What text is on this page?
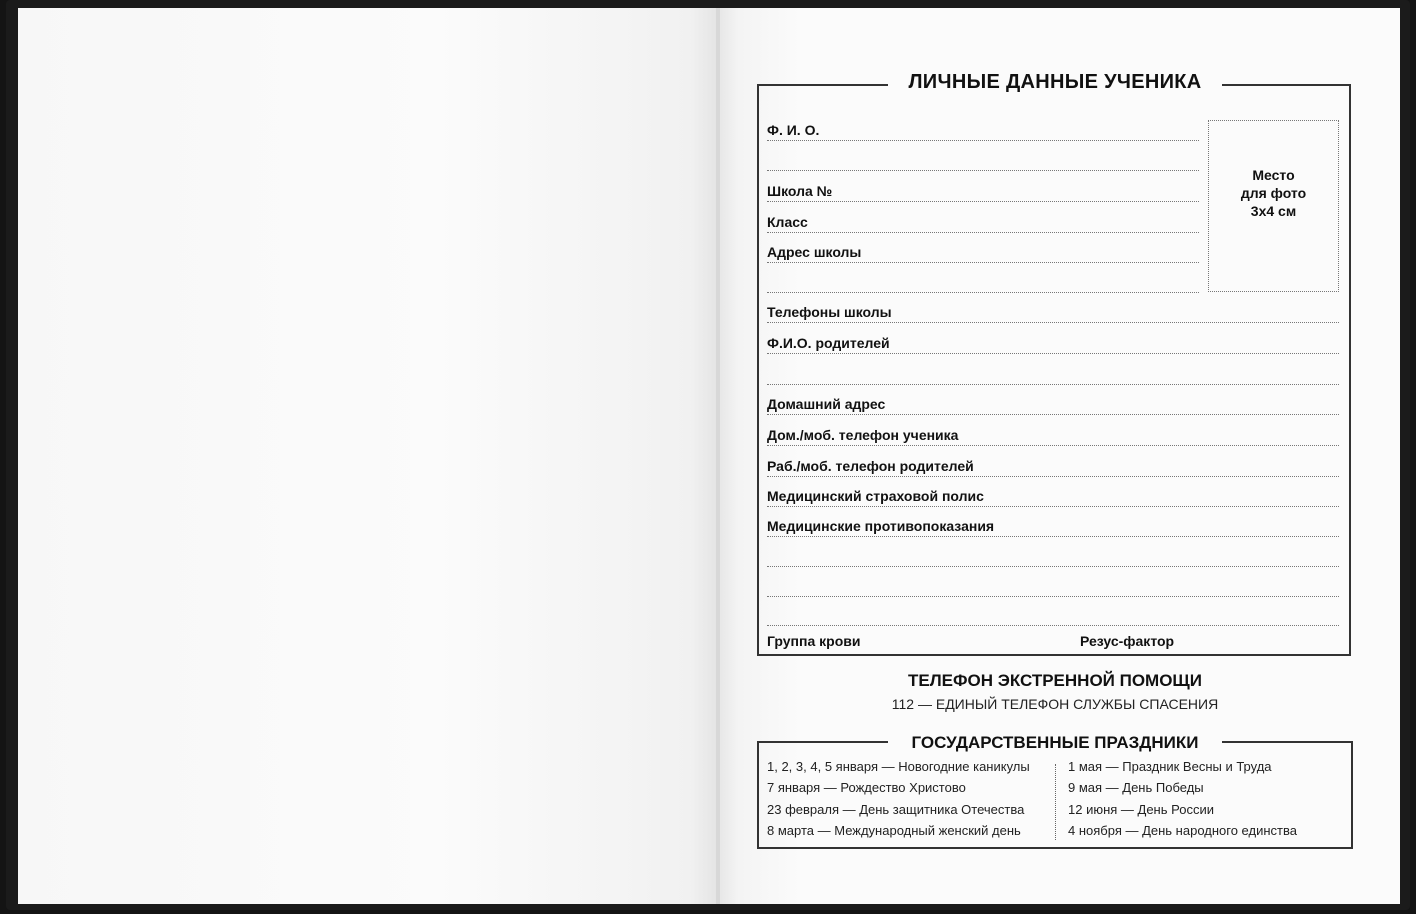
ЛИЧНЫЕ ДАННЫЕ УЧЕНИКА
Ф. И. О.
Школа №
Класс
Адрес школы
Место
для фото
3x4 см
Телефоны школы
Ф.И.О. родителей
Домашний адрес
Дом./моб. телефон ученика
Раб./моб. телефон родителей
Медицинский страховой полис
Медицинские противопоказания
Группа крови	Резус-фактор
ТЕЛЕФОН ЭКСТРЕННОЙ ПОМОЩИ
112 — ЕДИНЫЙ ТЕЛЕФОН СЛУЖБЫ СПАСЕНИЯ
ГОСУДАРСТВЕННЫЕ ПРАЗДНИКИ
1, 2, 3, 4, 5 января — Новогодние каникулы
7 января — Рождество Христово
23 февраля — День защитника Отечества
8 марта — Международный женский день
1 мая — Праздник Весны и Труда
9 мая — День Победы
12 июня — День России
4 ноября — День народного единства
